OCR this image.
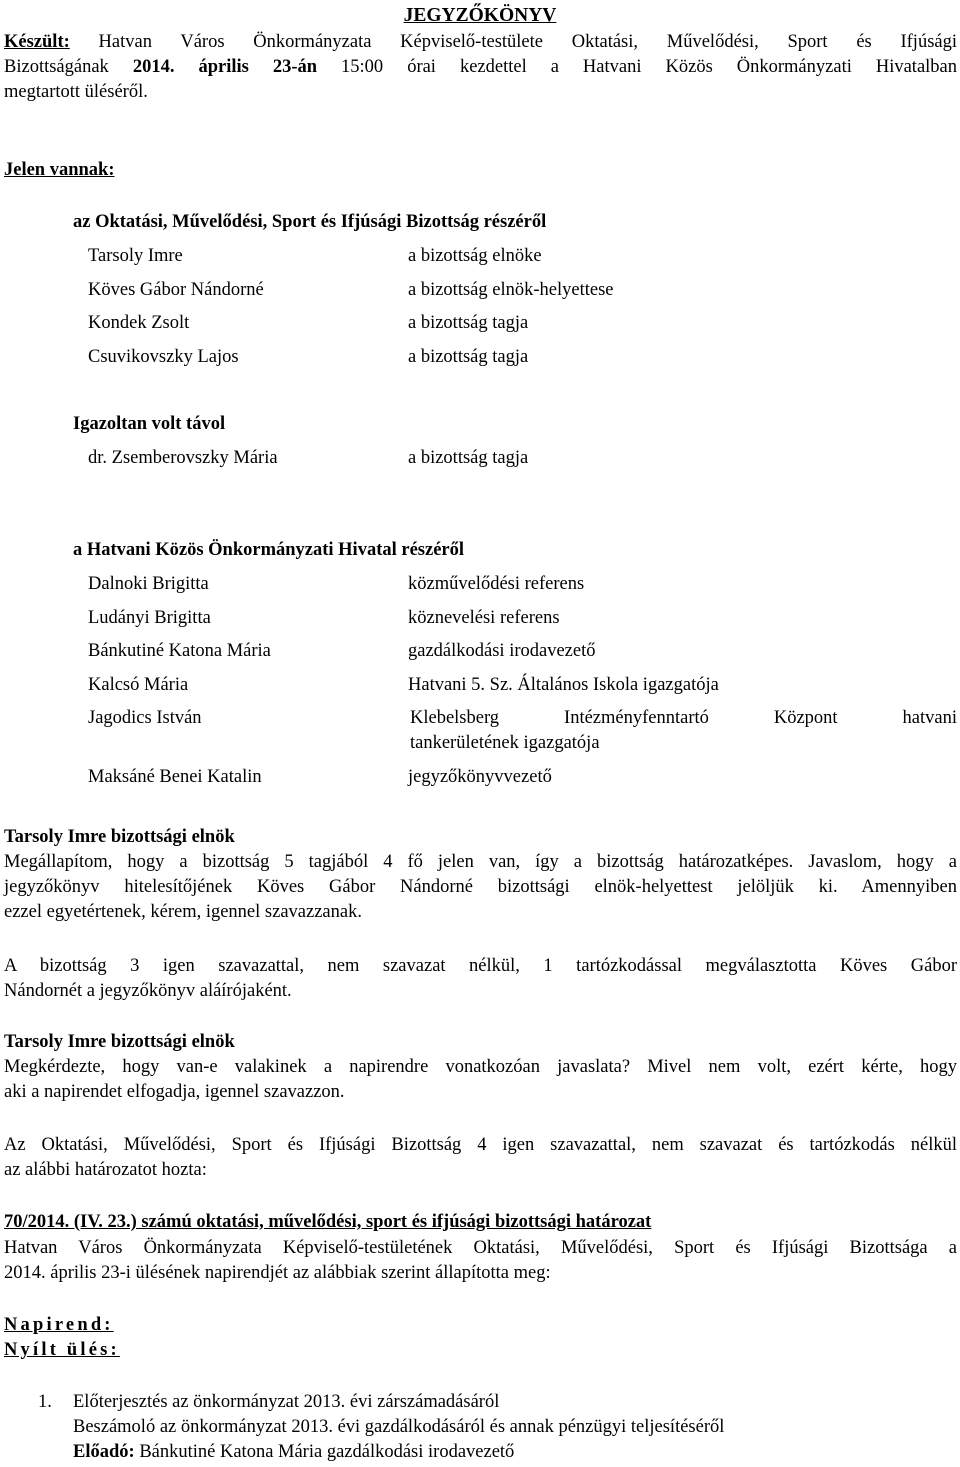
JEGYZŐKÖNYV
Készült: Hatvan Város Önkormányzata Képviselő-testülete Oktatási, Művelődési, Sport és Ifjúsági
Bizottságának 2014. április 23-án 15:00 órai kezdettel a Hatvani Közös Önkormányzati Hivatalban
megtartott üléséről.
Jelen vannak:
az Oktatási, Művelődési, Sport és Ifjúsági Bizottság részéről
Tarsoly Imre	a bizottság elnöke
Köves Gábor Nándorné	a bizottság elnök-helyettese
Kondek Zsolt	a bizottság tagja
Csuvikovszky Lajos	a bizottság tagja
Igazoltan volt távol
dr. Zsemberovszky Mária	a bizottság tagja
a Hatvani Közös Önkormányzati Hivatal részéről
Dalnoki Brigitta	közművelődési referens
Ludányi Brigitta	köznevelési referens
Bánkutiné Katona Mária	gazdálkodási irodavezető
Kalcsó Mária	Hatvani 5. Sz. Általános Iskola igazgatója
Jagodics István	Klebelsberg Intézményfenntartó Központ hatvani
tankerületének igazgatója
Maksáné Benei Katalin	jegyzőkönyvvezető
Tarsoly Imre bizottsági elnök
Megállapítom, hogy a bizottság 5 tagjából 4 fő jelen van, így a bizottság határozatképes. Javaslom, hogy a
jegyzőkönyv hitelesítőjének Köves Gábor Nándorné bizottsági elnök-helyettest jelöljük ki. Amennyiben
ezzel egyetértenek, kérem, igennel szavazzanak.
A bizottság 3 igen szavazattal, nem szavazat nélkül, 1 tartózkodással megválasztotta Köves Gábor
Nándornét a jegyzőkönyv aláírójaként.
Tarsoly Imre bizottsági elnök
Megkérdezte, hogy van-e valakinek a napirendre vonatkozóan javaslata? Mivel nem volt, ezért kérte, hogy
aki a napirendet elfogadja, igennel szavazzon.
Az Oktatási, Művelődési, Sport és Ifjúsági Bizottság 4 igen szavazattal, nem szavazat és tartózkodás nélkül
az alábbi határozatot hozta:
70/2014. (IV. 23.) számú oktatási, művelődési, sport és ifjúsági bizottsági határozat
Hatvan Város Önkormányzata Képviselő-testületének Oktatási, Művelődési, Sport és Ifjúsági Bizottsága a
2014. április 23-i ülésének napirendjét az alábbiak szerint állapította meg:
Napirend:
Nyílt ülés:
1. Előterjesztés az önkormányzat 2013. évi zárszámadásáról
Beszámoló az önkormányzat 2013. évi gazdálkodásáról és annak pénzügyi teljesítéséről
Előadó: Bánkutiné Katona Mária gazdálkodási irodavezető
